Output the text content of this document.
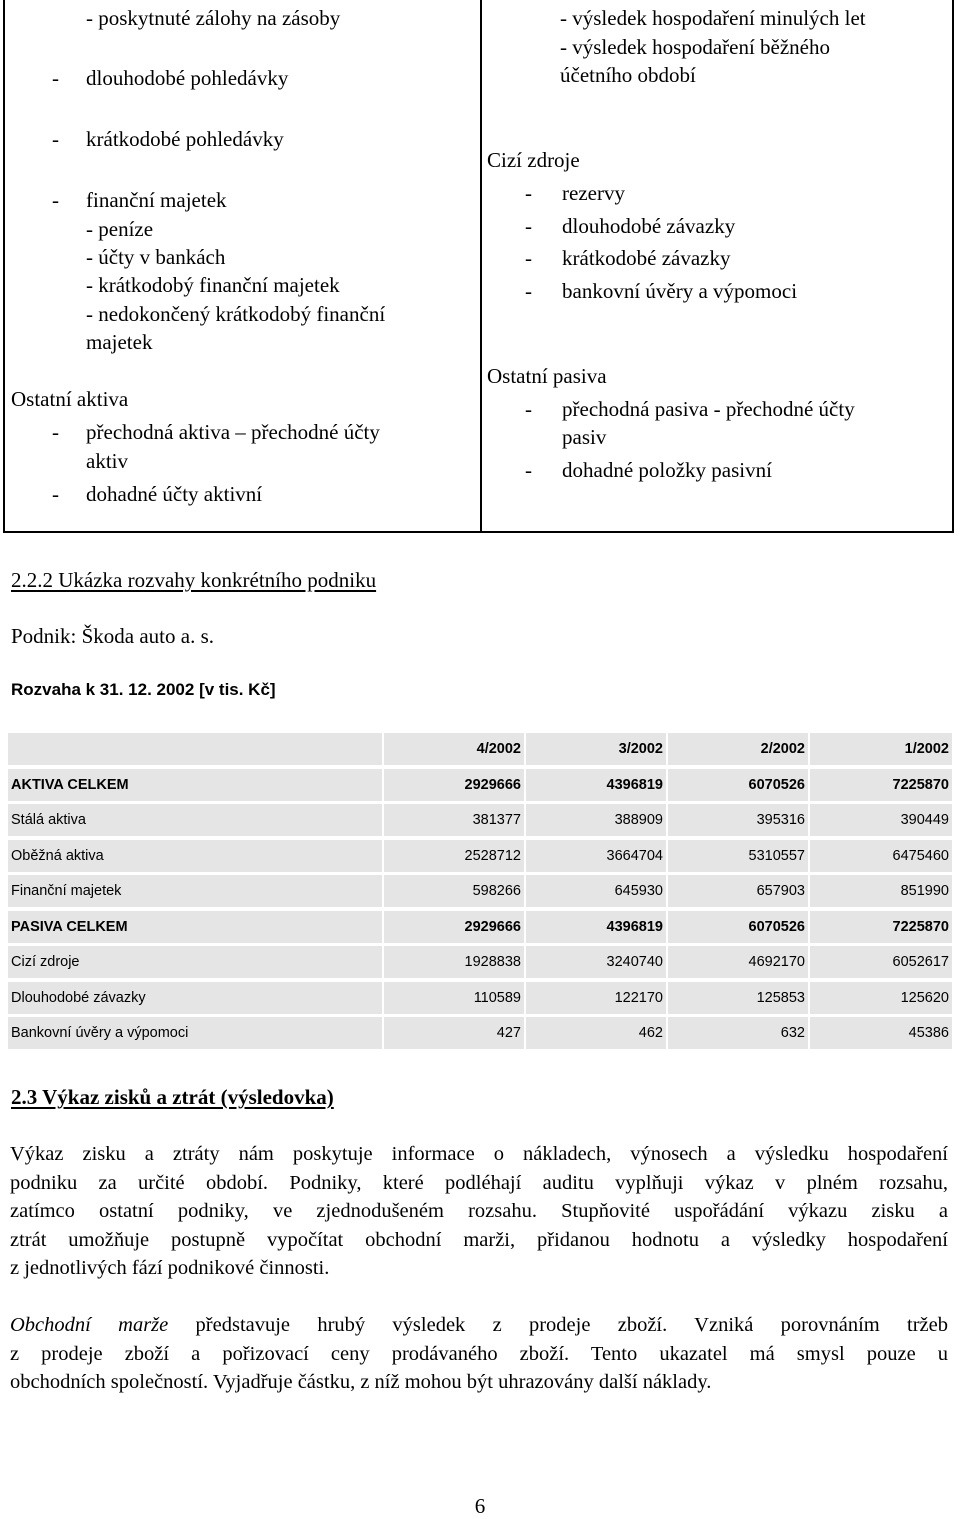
- poskytnuté zálohy na zásoby
- dlouhodobé pohledávky
- krátkodobé pohledávky
- finanční majetek
- peníze
- účty v bankách
- krátkodobý finanční majetek
- nedokončený krátkodobý finanční
majetek
Ostatní aktiva
- přechodná aktiva – přechodné účty
aktiv
- dohadné účty aktivní
- výsledek hospodaření minulých let
- výsledek hospodaření běžného
účetního období
Cizí zdroje
- rezervy
- dlouhodobé závazky
- krátkodobé závazky
- bankovní úvěry a výpomoci
Ostatní pasiva
- přechodná pasiva - přechodné účty
pasiv
- dohadné položky pasivní
2.2.2 Ukázka rozvahy konkrétního podniku
Podnik: Škoda auto a. s.
Rozvaha k 31. 12. 2002 [v tis. Kč]
4/2002	3/2002	2/2002	1/2002
AKTIVA CELKEM	2929666	4396819	6070526	7225870
Stálá aktiva	381377	388909	395316	390449
Oběžná aktiva	2528712	3664704	5310557	6475460
Finanční majetek	598266	645930	657903	851990
PASIVA CELKEM	2929666	4396819	6070526	7225870
Cizí zdroje	1928838	3240740	4692170	6052617
Dlouhodobé závazky	110589	122170	125853	125620
Bankovní úvěry a výpomoci	427	462	632	45386
2.3 Výkaz zisků a ztrát (výsledovka)
Výkaz zisku a ztráty nám poskytuje informace o nákladech, výnosech a výsledku hospodaření
podniku za určité období. Podniky, které podléhají auditu vyplňuji výkaz v plném rozsahu,
zatímco ostatní podniky, ve zjednodušeném rozsahu. Stupňovité uspořádání výkazu zisku a
ztrát umožňuje postupně vypočítat obchodní marži, přidanou hodnotu a výsledky hospodaření
z jednotlivých fází podnikové činnosti.
Obchodní marže představuje hrubý výsledek z prodeje zboží. Vzniká porovnáním tržeb
z prodeje zboží a pořizovací ceny prodávaného zboží. Tento ukazatel má smysl pouze u
obchodních společností. Vyjadřuje částku, z níž mohou být uhrazovány další náklady.
6
